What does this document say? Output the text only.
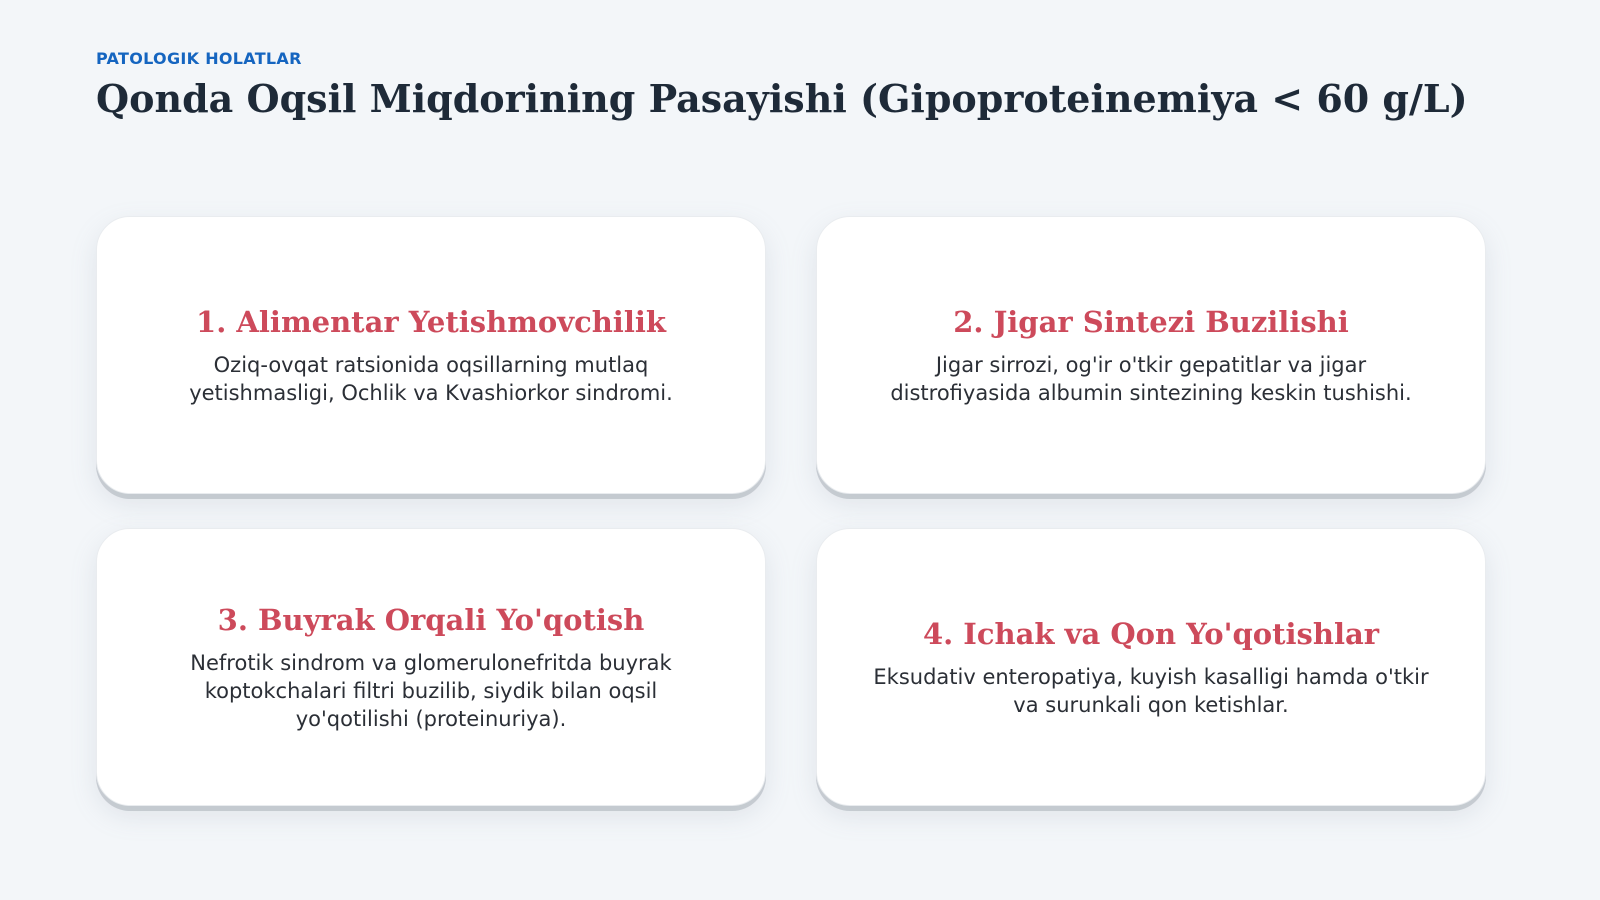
PATOLOGIK HOLATLAR

Qonda Oqsil Miqdorining Pasayishi (Gipoproteinemiya < 60 g/L)
1. Alimentar Yetishmovchilik

Oziq-ovqat ratsionida oqsillarning mutlaq yetishmasligi, Ochlik va Kvashiorkor sindromi.

2. Jigar Sintezi Buzilishi

Jigar sirrozi, og'ir o'tkir gepatitlar va jigar distrofiyasida albumin sintezining keskin tushishi.

3. Buyrak Orqali Yo'qotish

Nefrotik sindrom va glomerulonefritda buyrak koptokchalari filtri buzilib, siydik bilan oqsil yo'qotilishi (proteinuriya).

4. Ichak va Qon Yo'qotishlar

Eksudativ enteropatiya, kuyish kasalligi hamda o'tkir va surunkali qon ketishlar.
